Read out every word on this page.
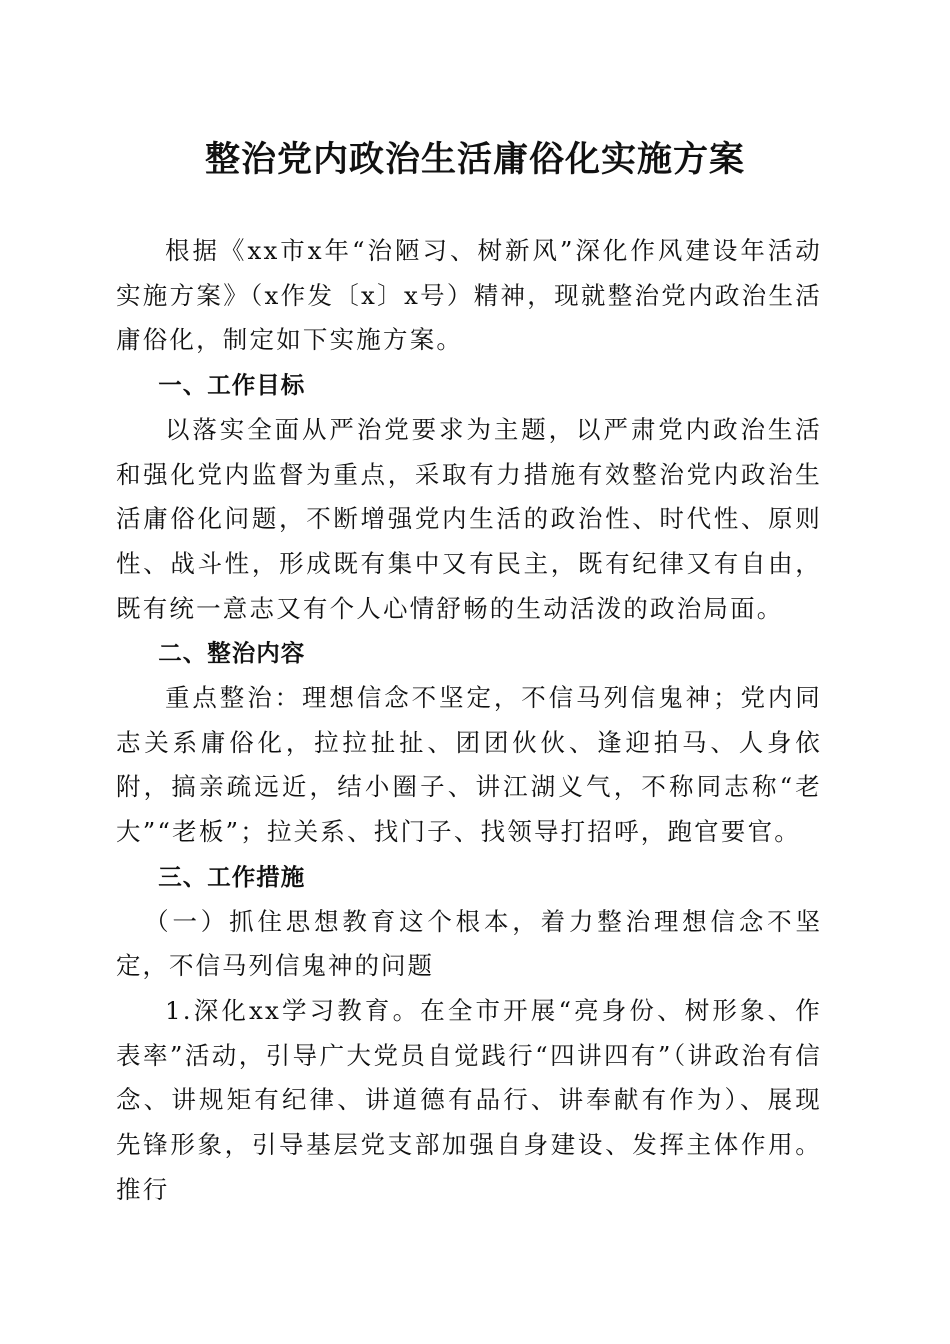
整治党内政治生活庸俗化实施方案

根据《xx市x年“治陋习、树新风”深化作风建设年活动实施方案》（x作发〔x〕x号）精神，现就整治党内政治生活庸俗化，制定如下实施方案。

一、工作目标

以落实全面从严治党要求为主题，以严肃党内政治生活和强化党内监督为重点，采取有力措施有效整治党内政治生活庸俗化问题，不断增强党内生活的政治性、时代性、原则性、战斗性，形成既有集中又有民主，既有纪律又有自由，既有统一意志又有个人心情舒畅的生动活泼的政治局面。

二、整治内容

重点整治：理想信念不坚定，不信马列信鬼神；党内同志关系庸俗化，拉拉扯扯、团团伙伙、逢迎拍马、人身依附，搞亲疏远近，结小圈子、讲江湖义气，不称同志称“老大”“老板”；拉关系、找门子、找领导打招呼，跑官要官。

三、工作措施

（一）抓住思想教育这个根本，着力整治理想信念不坚定，不信马列信鬼神的问题

1.深化xx学习教育。在全市开展“亮身份、树形象、作表率”活动，引导广大党员自觉践行“四讲四有”（讲政治有信念、讲规矩有纪律、讲道德有品行、讲奉献有作为）、展现先锋形象，引导基层党支部加强自身建设、发挥主体作用。推行
